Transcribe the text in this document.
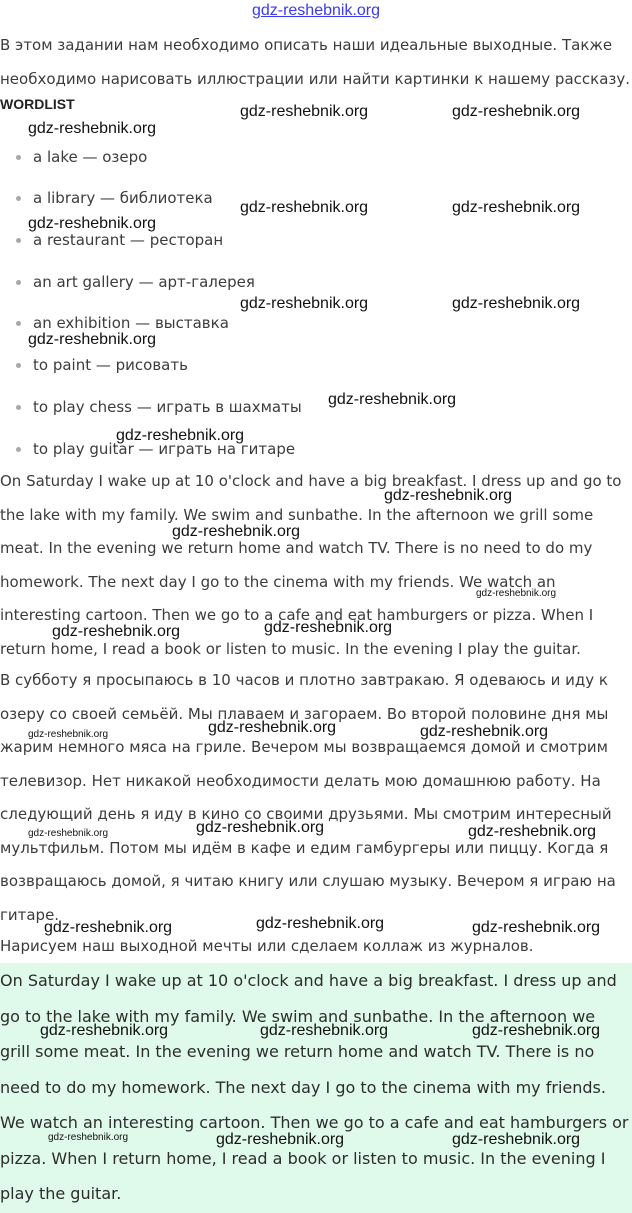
gdz-reshebnik.org

В этом задании нам необходимо описать наши идеальные выходные. Также необходимо нарисовать иллюстрации или найти картинки к нашему рассказу.

WORDLIST
a lake — озеро
a library — библиотека
a restaurant — ресторан
an art gallery — арт-галерея
an exhibition — выставка
to paint — рисовать
to play chess — играть в шахматы
to play guitar — играть на гитаре

On Saturday I wake up at 10 o'clock and have a big breakfast. I dress up and go to the lake with my family. We swim and sunbathe. In the afternoon we grill some meat. In the evening we return home and watch TV. There is no need to do my homework. The next day I go to the cinema with my friends. We watch an interesting cartoon. Then we go to a cafe and eat hamburgers or pizza. When I return home, I read a book or listen to music. In the evening I play the guitar.

В субботу я просыпаюсь в 10 часов и плотно завтракаю. Я одеваюсь и иду к озеру со своей семьёй. Мы плаваем и загораем. Во второй половине дня мы жарим немного мяса на гриле. Вечером мы возвращаемся домой и смотрим телевизор. Нет никакой необходимости делать мою домашнюю работу. На следующий день я иду в кино со своими друзьями. Мы смотрим интересный мультфильм. Потом мы идём в кафе и едим гамбургеры или пиццу. Когда я возвращаюсь домой, я читаю книгу или слушаю музыку. Вечером я играю на гитаре.

Нарисуем наш выходной мечты или сделаем коллаж из журналов.

On Saturday I wake up at 10 o'clock and have a big breakfast. I dress up and go to the lake with my family. We swim and sunbathe. In the afternoon we grill some meat. In the evening we return home and watch TV. There is no need to do my homework. The next day I go to the cinema with my friends. We watch an interesting cartoon. Then we go to a cafe and eat hamburgers or pizza. When I return home, I read a book or listen to music. In the evening I play the guitar.

gdz-reshebnik.org	gdz-reshebnik.org
gdz-reshebnik.org
gdz-reshebnik.org	gdz-reshebnik.org
gdz-reshebnik.org
gdz-reshebnik.org	gdz-reshebnik.org
gdz-reshebnik.org
gdz-reshebnik.org
gdz-reshebnik.org
gdz-reshebnik.org
gdz-reshebnik.org
gdz-reshebnik.org
gdz-reshebnik.org	gdz-reshebnik.org
gdz-reshebnik.org
gdz-reshebnik.org	gdz-reshebnik.org
gdz-reshebnik.org
gdz-reshebnik.org	gdz-reshebnik.org
gdz-reshebnik.org	gdz-reshebnik.org	gdz-reshebnik.org
gdz-reshebnik.org	gdz-reshebnik.org	gdz-reshebnik.org
gdz-reshebnik.org	gdz-reshebnik.org	gdz-reshebnik.org
